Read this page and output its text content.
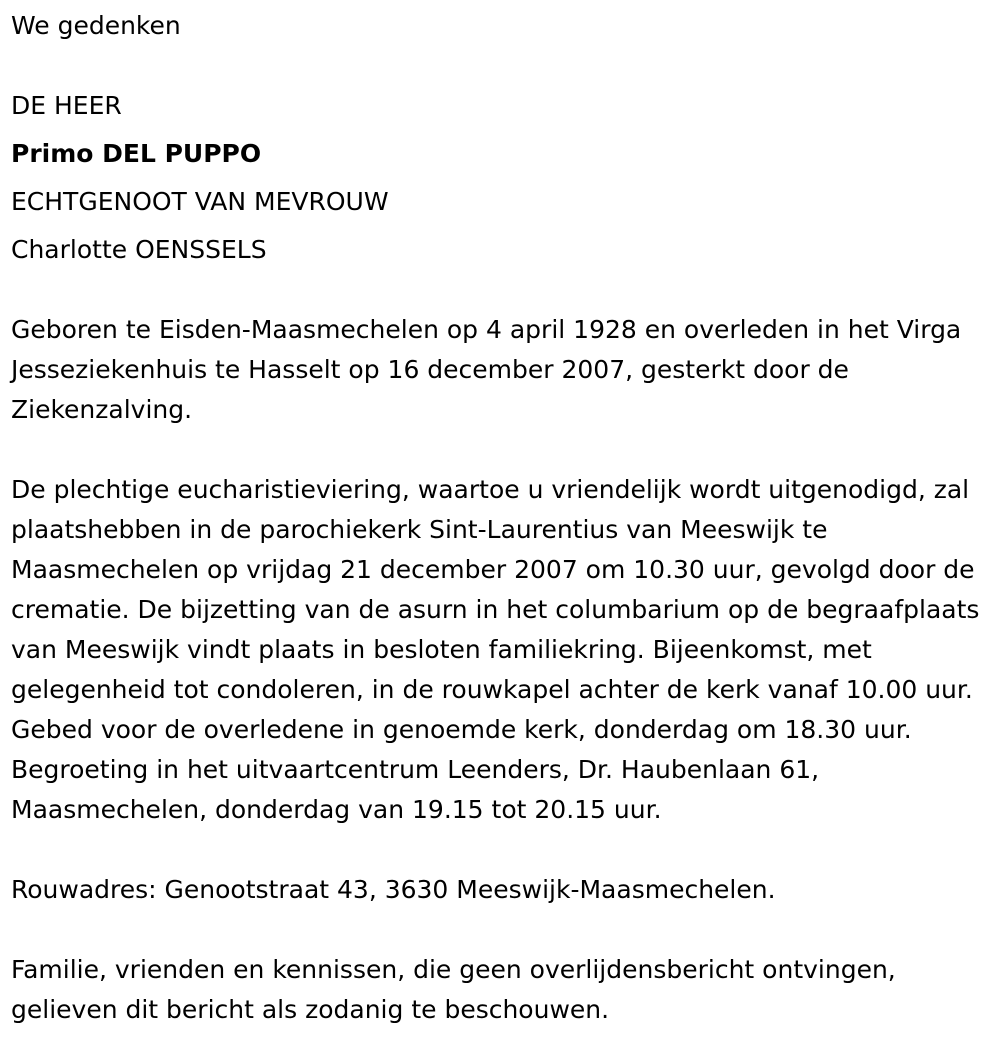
We gedenken
DE HEER
Primo DEL PUPPO
ECHTGENOOT VAN MEVROUW
Charlotte OENSSELS
Geboren te Eisden-Maasmechelen op 4 april 1928 en overleden in het Virga Jesseziekenhuis te Hasselt op 16 december 2007, gesterkt door de Ziekenzalving.
De plechtige eucharistieviering, waartoe u vriendelijk wordt uitgenodigd, zal plaatshebben in de parochiekerk Sint-Laurentius van Meeswijk te Maasmechelen op vrijdag 21 december 2007 om 10.30 uur, gevolgd door de crematie. De bijzetting van de asurn in het columbarium op de begraafplaats van Meeswijk vindt plaats in besloten familiekring. Bijeenkomst, met gelegenheid tot condoleren, in de rouwkapel achter de kerk vanaf 10.00 uur. Gebed voor de overledene in genoemde kerk, donderdag om 18.30 uur. Begroeting in het uitvaartcentrum Leenders, Dr. Haubenlaan 61, Maasmechelen, donderdag van 19.15 tot 20.15 uur.
Rouwadres: Genootstraat 43, 3630 Meeswijk-Maasmechelen.
Familie, vrienden en kennissen, die geen overlijdensbericht ontvingen, gelieven dit bericht als zodanig te beschouwen.
